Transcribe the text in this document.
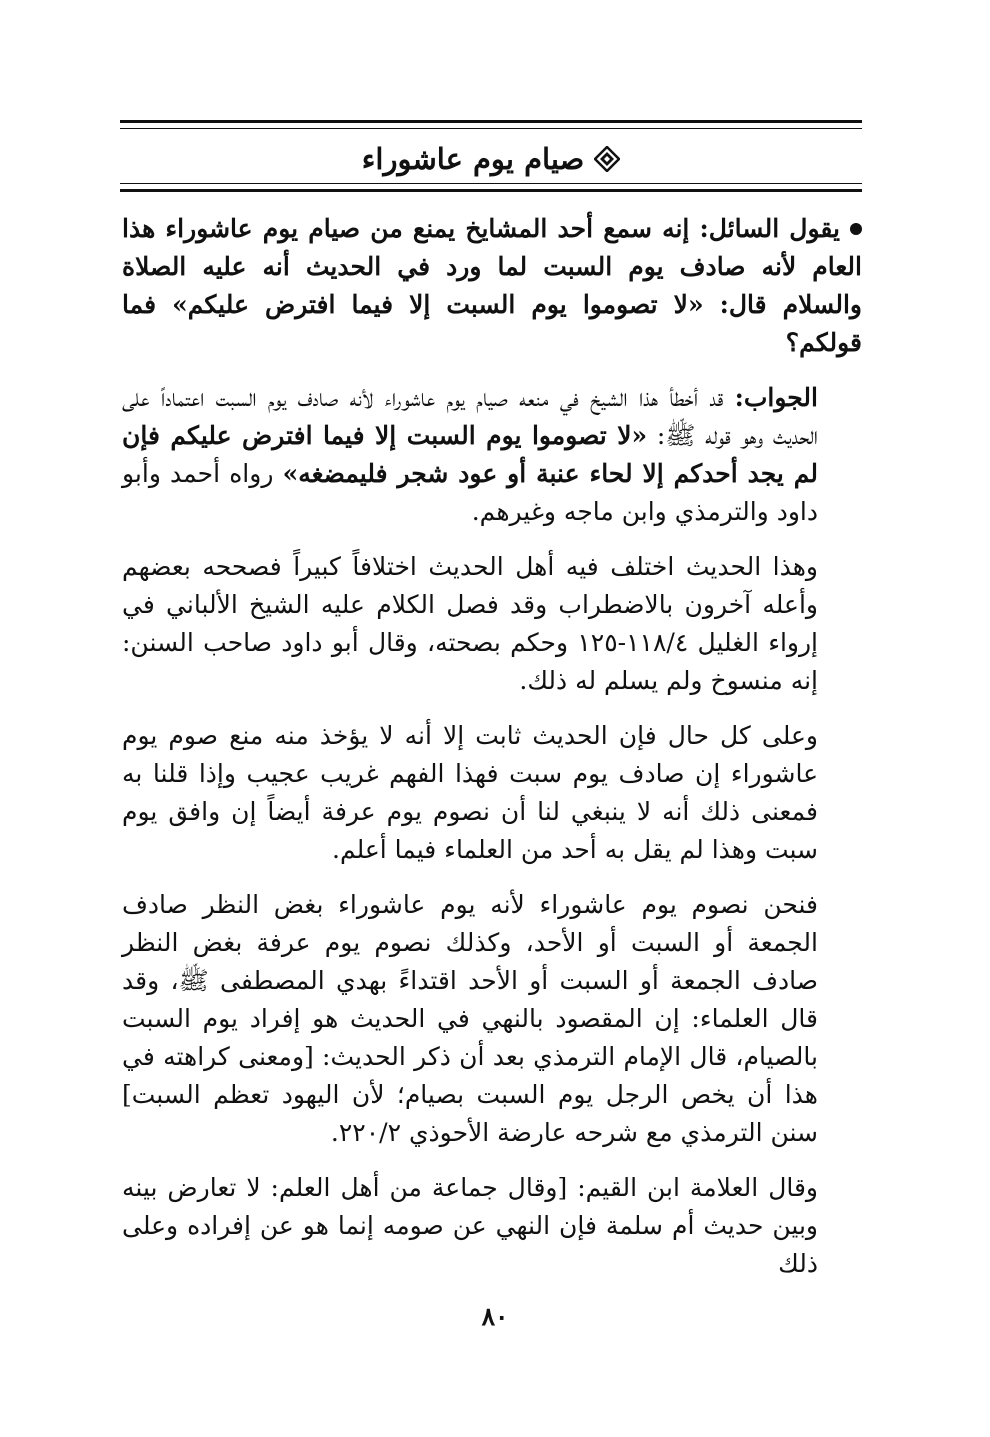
صيام يوم عاشوراء

يقول السائل: إنه سمع أحد المشايخ يمنع من صيام يوم عاشوراء هذا العام لأنه صادف يوم السبت لما ورد في الحديث أنه عليه الصلاة والسلام قال: «لا تصوموا يوم السبت إلا فيما افترض عليكم» فما قولكم؟

الجواب: قد أخطأ هذا الشيخ في منعه صيام يوم عاشوراء لأنه صادف يوم السبت اعتماداً على الحديث وهو قوله ﷺ: «لا تصوموا يوم السبت إلا فيما افترض عليكم فإن لم يجد أحدكم إلا لحاء عنبة أو عود شجر فليمضغه» رواه أحمد وأبو داود والترمذي وابن ماجه وغيرهم.

وهذا الحديث اختلف فيه أهل الحديث اختلافاً كبيراً فصححه بعضهم وأعله آخرون بالاضطراب وقد فصل الكلام عليه الشيخ الألباني في إرواء الغليل ١١٨/٤-١٢٥ وحكم بصحته، وقال أبو داود صاحب السنن: إنه منسوخ ولم يسلم له ذلك.

وعلى كل حال فإن الحديث ثابت إلا أنه لا يؤخذ منه منع صوم يوم عاشوراء إن صادف يوم سبت فهذا الفهم غريب عجيب وإذا قلنا به فمعنى ذلك أنه لا ينبغي لنا أن نصوم يوم عرفة أيضاً إن وافق يوم سبت وهذا لم يقل به أحد من العلماء فيما أعلم.

فنحن نصوم يوم عاشوراء لأنه يوم عاشوراء بغض النظر صادف الجمعة أو السبت أو الأحد، وكذلك نصوم يوم عرفة بغض النظر صادف الجمعة أو السبت أو الأحد اقتداءً بهدي المصطفى ﷺ، وقد قال العلماء: إن المقصود بالنهي في الحديث هو إفراد يوم السبت بالصيام، قال الإمام الترمذي بعد أن ذكر الحديث: [ومعنى كراهته في هذا أن يخص الرجل يوم السبت بصيام؛ لأن اليهود تعظم السبت] سنن الترمذي مع شرحه عارضة الأحوذي ٢٢٠/٢.

وقال العلامة ابن القيم: [وقال جماعة من أهل العلم: لا تعارض بينه وبين حديث أم سلمة فإن النهي عن صومه إنما هو عن إفراده وعلى ذلك

٨٠
